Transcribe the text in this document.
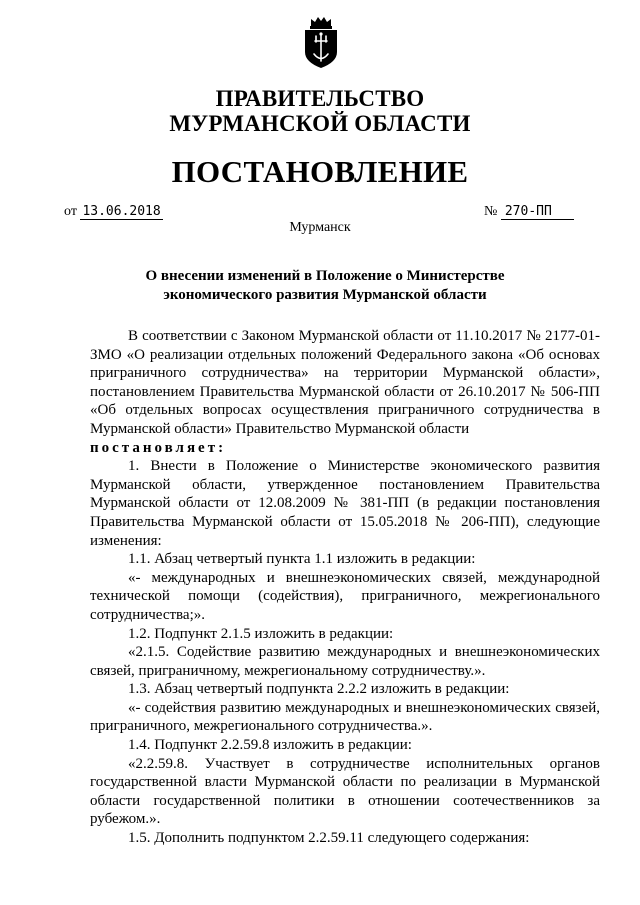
ПРАВИТЕЛЬСТВО
МУРМАНСКОЙ ОБЛАСТИ
ПОСТАНОВЛЕНИЕ
от 13.06.2018	№ 270-ПП
Мурманск
О внесении изменений в Положение о Министерстве экономического развития Мурманской области

В соответствии с Законом Мурманской области от 11.10.2017 № 2177-01-ЗМО «О реализации отдельных положений Федерального закона «Об основах приграничного сотрудничества» на территории Мурманской области», постановлением Правительства Мурманской области от 26.10.2017 № 506-ПП «Об отдельных вопросах осуществления приграничного сотрудничества в Мурманской области» Правительство Мурманской области

постановляет:

1. Внести в Положение о Министерстве экономического развития Мурманской области, утвержденное постановлением Правительства Мурманской области от 12.08.2009 № 381-ПП (в редакции постановления Правительства Мурманской области от 15.05.2018 № 206-ПП), следующие изменения:

1.1. Абзац четвертый пункта 1.1 изложить в редакции:

«- международных и внешнеэкономических связей, международной технической помощи (содействия), приграничного, межрегионального сотрудничества;».

1.2. Подпункт 2.1.5 изложить в редакции:

«2.1.5. Содействие развитию международных и внешнеэкономических связей, приграничному, межрегиональному сотрудничеству.».

1.3. Абзац четвертый подпункта 2.2.2 изложить в редакции:

«- содействия развитию международных и внешнеэкономических связей, приграничного, межрегионального сотрудничества.».

1.4. Подпункт 2.2.59.8 изложить в редакции:

«2.2.59.8. Участвует в сотрудничестве исполнительных органов государственной власти Мурманской области по реализации в Мурманской области государственной политики в отношении соотечественников за рубежом.».

1.5. Дополнить подпунктом 2.2.59.11 следующего содержания:
